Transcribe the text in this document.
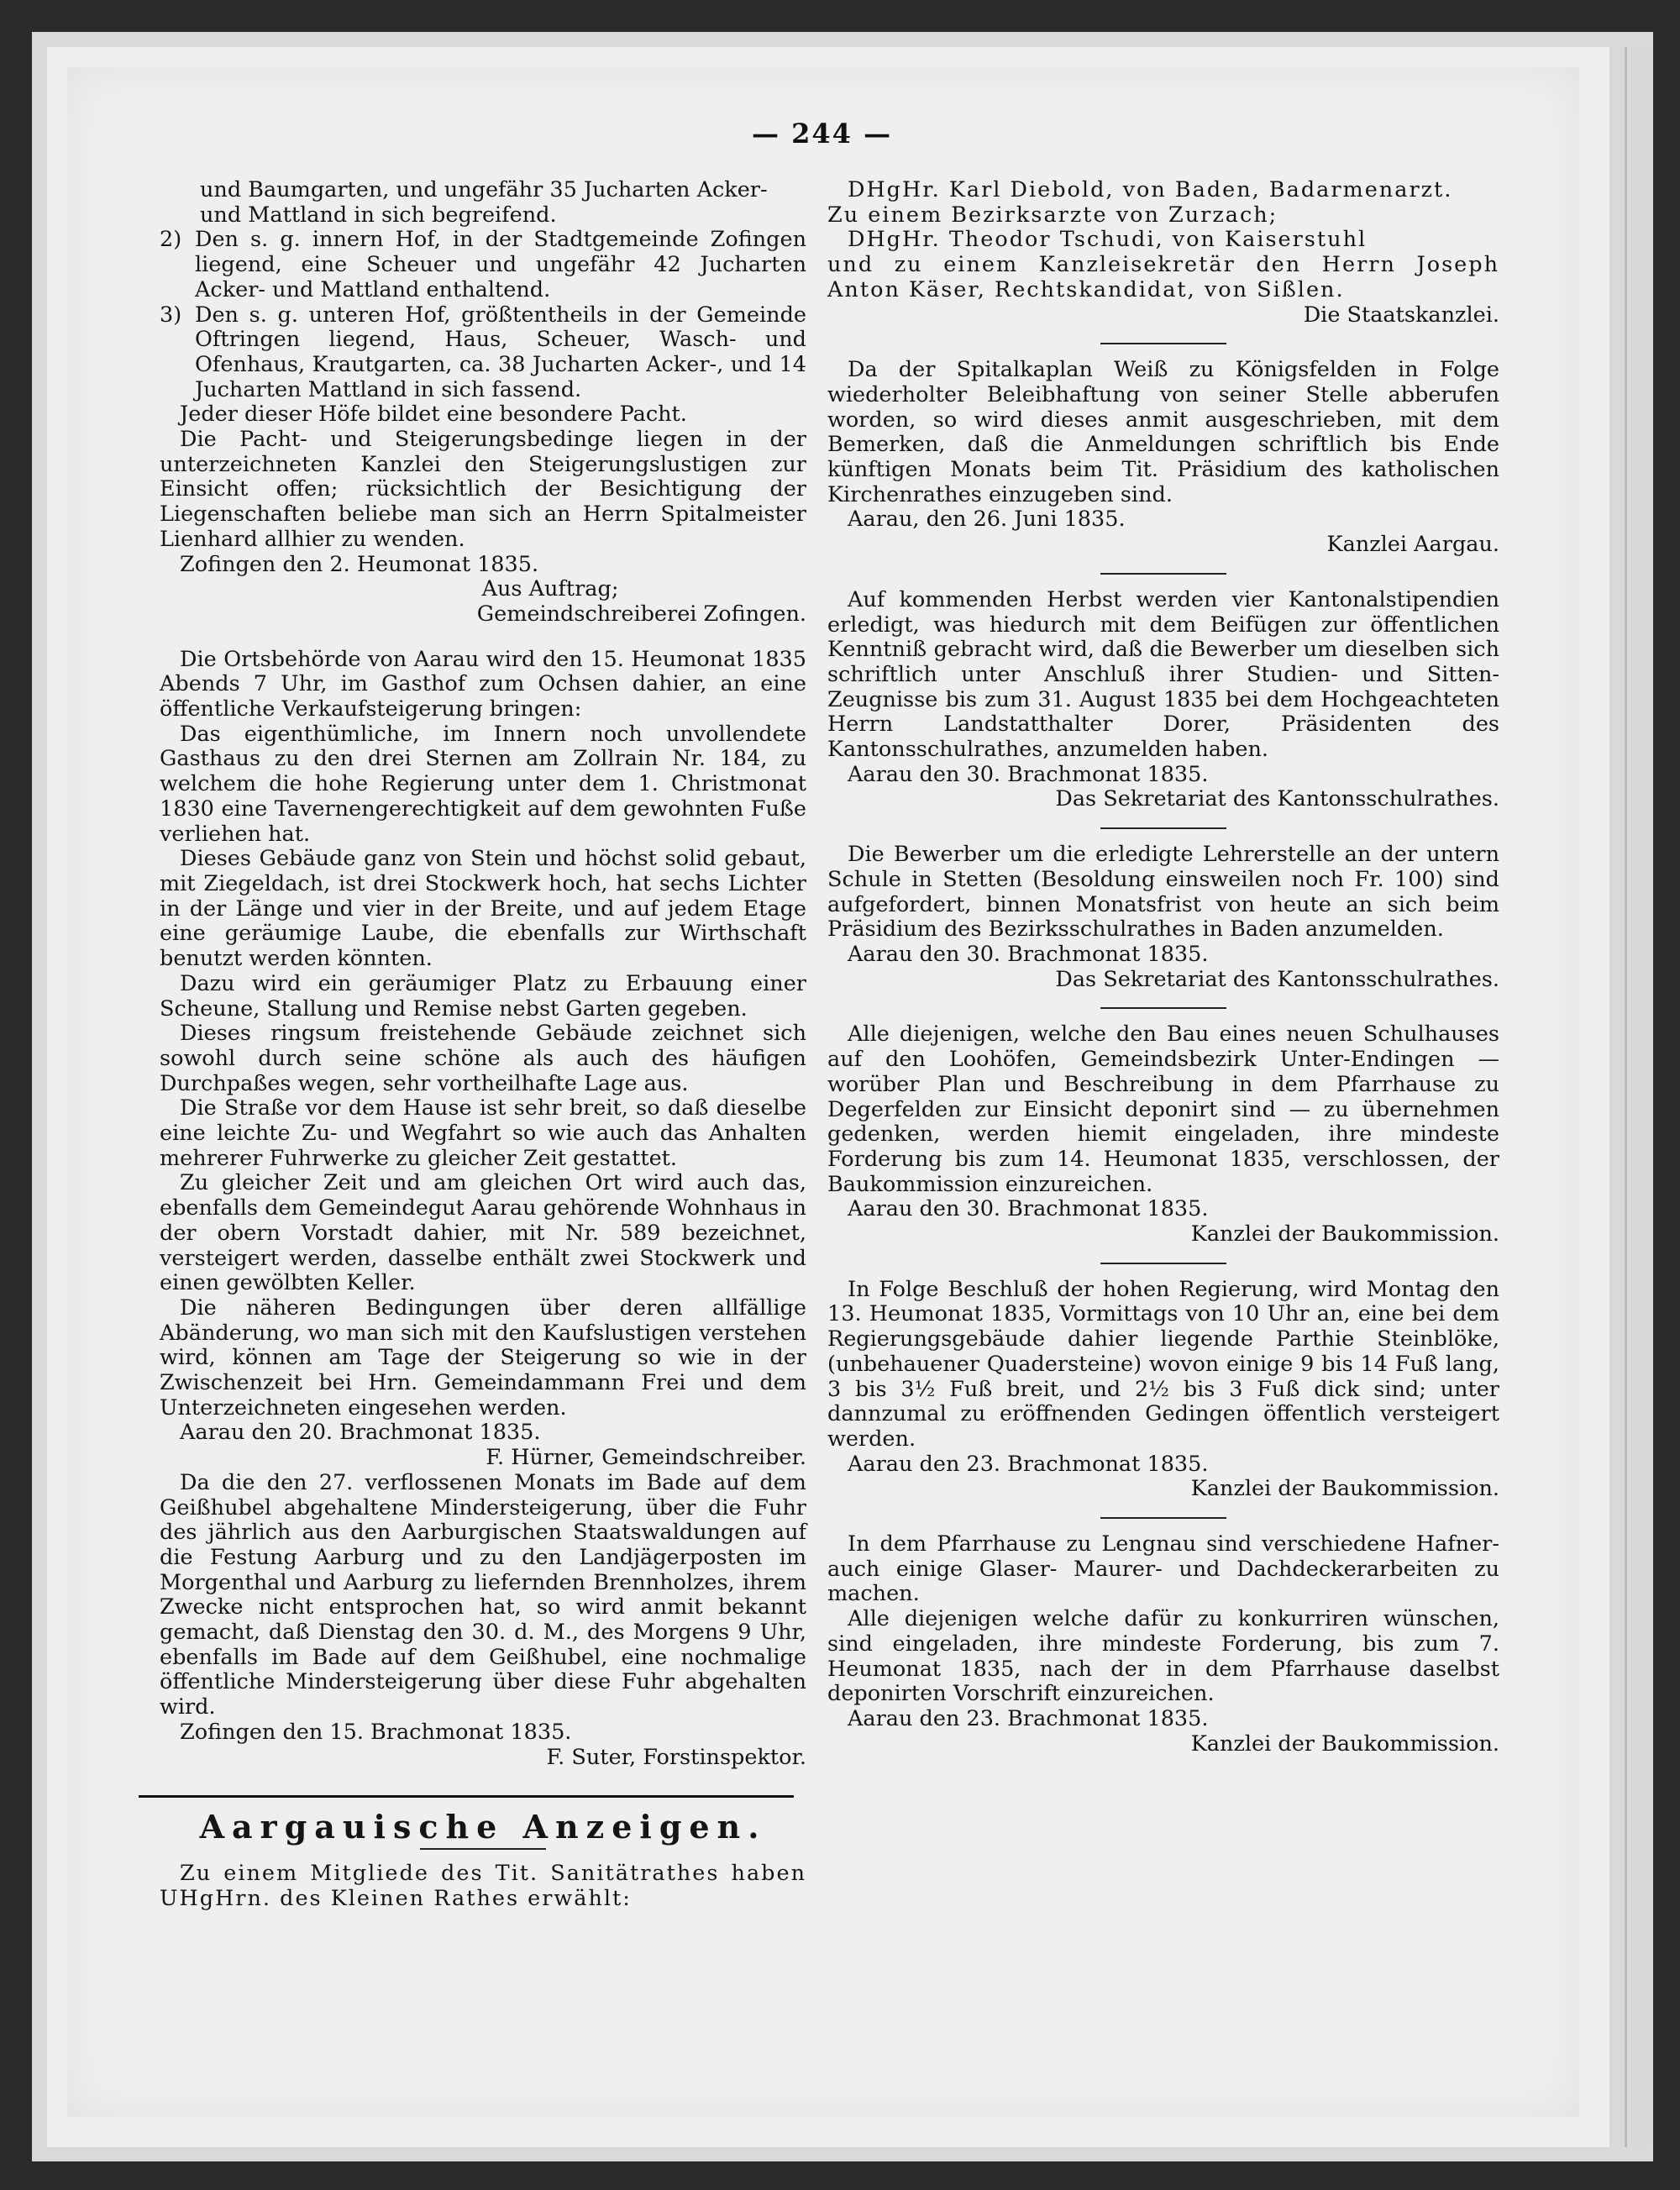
— 244 —

und Baumgarten, und ungefähr 35 Jucharten Acker-

und Mattland in sich begreifend.

2) Den s. g. innern Hof, in der Stadtgemeinde Zofingen liegend, eine Scheuer und ungefähr 42 Jucharten Acker- und Mattland enthaltend.
3) Den s. g. unteren Hof, größtentheils in der Gemeinde Oftringen liegend, Haus, Scheuer, Wasch- und Ofenhaus, Krautgarten, ca. 38 Jucharten Acker-, und 14 Jucharten Mattland in sich fassend.

Jeder dieser Höfe bildet eine besondere Pacht.

Die Pacht- und Steigerungsbedinge liegen in der unterzeichneten Kanzlei den Steigerungslustigen zur Einsicht offen; rücksichtlich der Besichtigung der Liegenschaften beliebe man sich an Herrn Spitalmeister Lienhard allhier zu wenden.

Zofingen den 2. Heumonat 1835.

Aus Auftrag;

Gemeindschreiberei Zofingen.

Die Ortsbehörde von Aarau wird den 15. Heumonat 1835 Abends 7 Uhr, im Gasthof zum Ochsen dahier, an eine öffentliche Verkaufsteigerung bringen:

Das eigenthümliche, im Innern noch unvollendete Gasthaus zu den drei Sternen am Zollrain Nr. 184, zu welchem die hohe Regierung unter dem 1. Christmonat 1830 eine Tavernengerechtigkeit auf dem gewohnten Fuße verliehen hat.

Dieses Gebäude ganz von Stein und höchst solid gebaut, mit Ziegeldach, ist drei Stockwerk hoch, hat sechs Lichter in der Länge und vier in der Breite, und auf jedem Etage eine geräumige Laube, die ebenfalls zur Wirthschaft benutzt werden könnten.

Dazu wird ein geräumiger Platz zu Erbauung einer Scheune, Stallung und Remise nebst Garten gegeben.

Dieses ringsum freistehende Gebäude zeichnet sich sowohl durch seine schöne als auch des häufigen Durchpaßes wegen, sehr vortheilhafte Lage aus.

Die Straße vor dem Hause ist sehr breit, so daß dieselbe eine leichte Zu- und Wegfahrt so wie auch das Anhalten mehrerer Fuhrwerke zu gleicher Zeit gestattet.

Zu gleicher Zeit und am gleichen Ort wird auch das, ebenfalls dem Gemeindegut Aarau gehörende Wohnhaus in der obern Vorstadt dahier, mit Nr. 589 bezeichnet, versteigert werden, dasselbe enthält zwei Stockwerk und einen gewölbten Keller.

Die näheren Bedingungen über deren allfällige Abänderung, wo man sich mit den Kaufslustigen verstehen wird, können am Tage der Steigerung so wie in der Zwischenzeit bei Hrn. Gemeindammann Frei und dem Unterzeichneten eingesehen werden.

Aarau den 20. Brachmonat 1835.

F. Hürner, Gemeindschreiber.

Da die den 27. verflossenen Monats im Bade auf dem Geißhubel abgehaltene Mindersteigerung, über die Fuhr des jährlich aus den Aarburgischen Staatswaldungen auf die Festung Aarburg und zu den Landjägerposten im Morgenthal und Aarburg zu liefernden Brennholzes, ihrem Zwecke nicht entsprochen hat, so wird anmit bekannt gemacht, daß Dienstag den 30. d. M., des Morgens 9 Uhr, ebenfalls im Bade auf dem Geißhubel, eine nochmalige öffentliche Mindersteigerung über diese Fuhr abgehalten wird.

Zofingen den 15. Brachmonat 1835.

F. Suter, Forstinspektor.

Aargauische Anzeigen.

Zu einem Mitgliede des Tit. Sanitätrathes haben UHgHrn. des Kleinen Rathes erwählt:

DHgHr. Karl Diebold, von Baden, Badarmenarzt.

Zu einem Bezirksarzte von Zurzach;

DHgHr. Theodor Tschudi, von Kaiserstuhl

und zu einem Kanzleisekretär den Herrn Joseph Anton Käser, Rechtskandidat, von Sißlen.

Die Staatskanzlei.

Da der Spitalkaplan Weiß zu Königsfelden in Folge wiederholter Beleibhaftung von seiner Stelle abberufen worden, so wird dieses anmit ausgeschrieben, mit dem Bemerken, daß die Anmeldungen schriftlich bis Ende künftigen Monats beim Tit. Präsidium des katholischen Kirchenrathes einzugeben sind.

Aarau, den 26. Juni 1835.

Kanzlei Aargau.

Auf kommenden Herbst werden vier Kantonalstipendien erledigt, was hiedurch mit dem Beifügen zur öffentlichen Kenntniß gebracht wird, daß die Bewerber um dieselben sich schriftlich unter Anschluß ihrer Studien- und Sitten-Zeugnisse bis zum 31. August 1835 bei dem Hochgeachteten Herrn Landstatthalter Dorer, Präsidenten des Kantonsschulrathes, anzumelden haben.

Aarau den 30. Brachmonat 1835.

Das Sekretariat des Kantonsschulrathes.

Die Bewerber um die erledigte Lehrerstelle an der untern Schule in Stetten (Besoldung einsweilen noch Fr. 100) sind aufgefordert, binnen Monatsfrist von heute an sich beim Präsidium des Bezirksschulrathes in Baden anzumelden.

Aarau den 30. Brachmonat 1835.

Das Sekretariat des Kantonsschulrathes.

Alle diejenigen, welche den Bau eines neuen Schulhauses auf den Loohöfen, Gemeindsbezirk Unter-Endingen — worüber Plan und Beschreibung in dem Pfarrhause zu Degerfelden zur Einsicht deponirt sind — zu übernehmen gedenken, werden hiemit eingeladen, ihre mindeste Forderung bis zum 14. Heumonat 1835, verschlossen, der Baukommission einzureichen.

Aarau den 30. Brachmonat 1835.

Kanzlei der Baukommission.

In Folge Beschluß der hohen Regierung, wird Montag den 13. Heumonat 1835, Vormittags von 10 Uhr an, eine bei dem Regierungsgebäude dahier liegende Parthie Steinblöke, (unbehauener Quadersteine) wovon einige 9 bis 14 Fuß lang, 3 bis 3½ Fuß breit, und 2½ bis 3 Fuß dick sind; unter dannzumal zu eröffnenden Gedingen öffentlich versteigert werden.

Aarau den 23. Brachmonat 1835.

Kanzlei der Baukommission.

In dem Pfarrhause zu Lengnau sind verschiedene Hafner- auch einige Glaser- Maurer- und Dachdeckerarbeiten zu machen.

Alle diejenigen welche dafür zu konkurriren wünschen, sind eingeladen, ihre mindeste Forderung, bis zum 7. Heumonat 1835, nach der in dem Pfarrhause daselbst deponirten Vorschrift einzureichen.

Aarau den 23. Brachmonat 1835.

Kanzlei der Baukommission.
